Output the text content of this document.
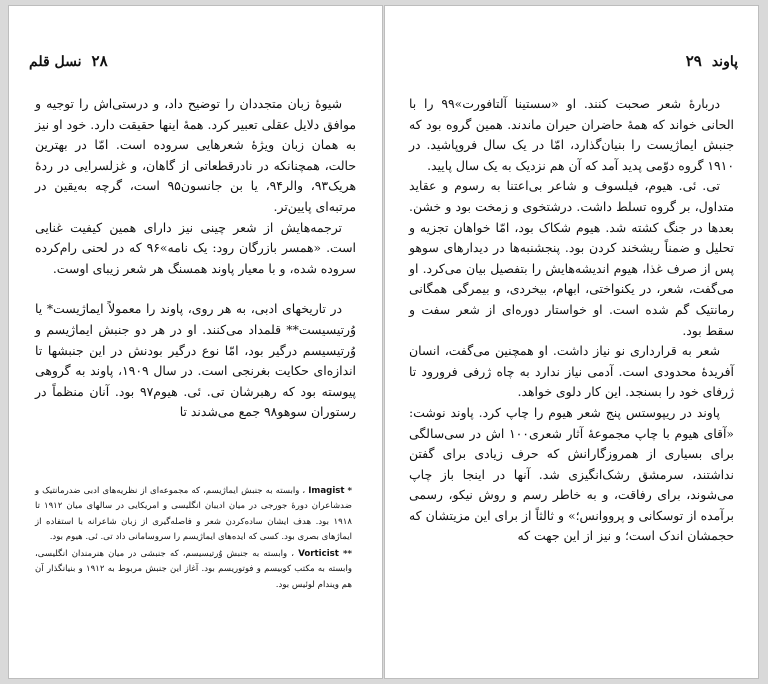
۲۸
نسل قلم

شیوهٔ زبان متجددان را توضیح داد، و درستی‌اش را توجیه و موافق دلایل عقلی تعبیر کرد. همهٔ اینها حقیقت دارد. خود او نیز به همان زبان ویژهٔ شعرهایی سروده است. امّا در بهترین حالت، همچنانکه در نادرقطعاتی از گاهان، و غزلسرایی در ردهٔ هریک۹۳، والر۹۴، یا بن جانسون۹۵ است، گرچه به‌یقین در مرتبه‌ای پایین‌تر.

ترجمه‌هایش از شعر چینی نیز دارای همین کیفیت غنایی است. «همسر بازرگان رود: یک نامه»۹۶ که در لحنی رام‌کرده سروده شده، و با معیار پاوند همسنگ هر شعر زیبای اوست.

در تاریخهای ادبی، به هر روی، پاوند را معمولاً ایماژیست* یا وُرتیسیست** قلمداد می‌کنند. او در هر دو جنبش ایماژیسم و وُرتیسیسم درگیر بود، امّا نوع درگیر بودنش در این جنبشها تا اندازه‌ای حکایت بغرنجی است. در سال ۱۹۰۹، پاوند به گروهی پیوسته بود که رهبرشان تی. ئی. هیوم۹۷ بود. آنان منظماً در رستوران سوهو۹۸ جمع می‌شدند تا

* Imagist ، وابسته به جنبش ایماژیسم، که مجموعه‌ای از نظریه‌های ادبی ضدرمانتیک و ضدشاعران دورهٔ جورجی در میان ادیبان انگلیسی و امریکایی در سالهای میان ۱۹۱۲ تا ۱۹۱۸ بود. هدف ایشان ساده‌کردن شعر و فاصله‌گیری از زبان شاعرانه با استفاده از ایماژهای بصری بود. کسی که ایده‌های ایماژیسم را سروسامانی داد تی. ئی. هیوم بود.

** Vorticist ، وابسته به جنبش وُرتیسیسم، که جنبشی در میان هنرمندان انگلیسی، وابسته به مکتب کوبیسم و فوتوریسم بود. آغاز این جنبش مربوط به ۱۹۱۲ و بنیانگذار آن هم ویندام لوئیس بود.

پاوند
۲۹

دربارهٔ شعر صحبت کنند. او «سستینا آلتافورت»۹۹ را با الحانی خواند که همهٔ حاضران حیران ماندند. همین گروه بود که جنبش ایماژیست را بنیان‌گذارد، امّا در یک سال فروپاشید. در ۱۹۱۰ گروه دوّمی پدید آمد که آن هم نزدیک به یک سال پایید.

تی. ئی. هیوم، فیلسوف و شاعر بی‌اعتنا به رسوم و عقاید متداول، بر گروه تسلط داشت. درشتخوی و زمخت بود و خشن. بعدها در جنگ کشته شد. هیوم شکاک بود، امّا خواهان تجزیه و تحلیل و ضمناً ریشخند کردن بود. پنجشنبه‌ها در دیدارهای سوهو پس از صرف غذا، هیوم اندیشه‌هایش را بتفصیل بیان می‌کرد. او می‌گفت، شعر، در یکنواختی، ابهام، بیخردی، و بیمرگی همگانی رمانتیک گم شده است. او خواستار دوره‌ای از شعر سفت و سقط بود.

شعر به قرارداری نو نیاز داشت. او همچنین می‌گفت، انسان آفریدهٔ محدودی است. آدمی نیاز ندارد به چاه ژرفی فرورود تا ژرفای خود را بسنجد. این کار دلوی خواهد.

پاوند در ریپوستس پنج شعر هیوم را چاپ کرد. پاوند نوشت: «آقای هیوم با چاپ مجموعهٔ آثار شعری۱۰۰ اش در سی‌سالگی برای بسیاری از همروزگارانش که حرف زیادی برای گفتن نداشتند، سرمشق رشک‌انگیزی شد. آنها در اینجا باز چاپ می‌شوند، برای رفاقت، و به خاطر رسم و روش نیکو، رسمی برآمده از توسکانی و پرووانس؛» و ثالثاً از برای این مزیتشان که حجمشان اندک است؛ و نیز از این جهت که
